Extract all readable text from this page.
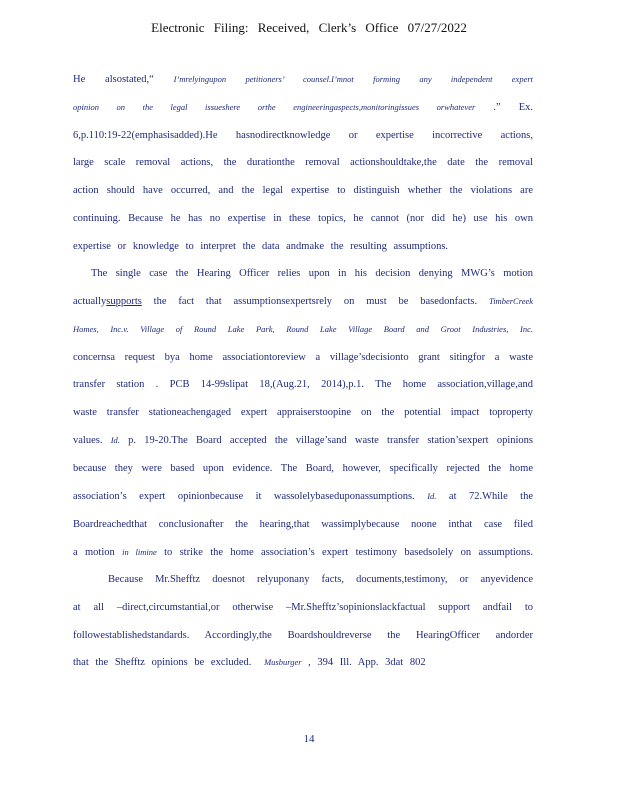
Electronic Filing: Received, Clerk’s Office 07/27/2022
He alsostated,“ I’mrelyingupon petitioners’ counsel.I’mnot forming any independent expert
opinion on the legal issueshere orthe engineeringaspects,monitoringissues orwhatever .” Ex.
6,p.110:19-22(emphasisadded).He hasnodirectknowledge or expertise incorrective actions,
large scale removal actions, the durationthe removal actionshouldtake,the date the removal
action should have occurred, and the legal expertise to distinguish whether the violations are
continuing. Because he has no expertise in these topics, he cannot (nor did he) use his own
expertise or knowledge to interpret the data andmake the resulting assumptions.
The single case the Hearing Officer relies upon in his decision denying MWG’s motion
actuallysupports the fact that assumptionsexpertsrely on must be basedonfacts. TimberCreek
Homes, Inc.v. Village of Round Lake Park, Round Lake Village Board and Groot Industries, Inc.
concernsa request bya home associationtoreview a village’sdecisionto grant sitingfor a waste
transfer station . PCB 14-99slipat 18,(Aug.21, 2014),p.1. The home association,village,and
waste transfer stationeachengaged expert appraiserstoopine on the potential impact toproperty
values. Id. p. 19-20.The Board accepted the village’sand waste transfer station’sexpert opinions
because they were based upon evidence. The Board, however, specifically rejected the home
association’s expert opinionbecause it wassolelybaseduponassumptions. Id. at 72.While the
Boardreachedthat conclusionafter the hearing,that wassimplybecause noone inthat case filed
a motion in limine to strike the home association’s expert testimony basedsolely on assumptions.
Because Mr.Shefftz doesnot relyuponany facts, documents,testimony, or anyevidence
at all –direct,circumstantial,or otherwise –Mr.Shefftz’sopinionslackfactual support andfail to
followestablishedstandards. Accordingly,the Boardshouldreverse the HearingOfficer andorder
that the Shefftz opinions be excluded. Musburger , 394 Ill. App. 3dat 802
14
